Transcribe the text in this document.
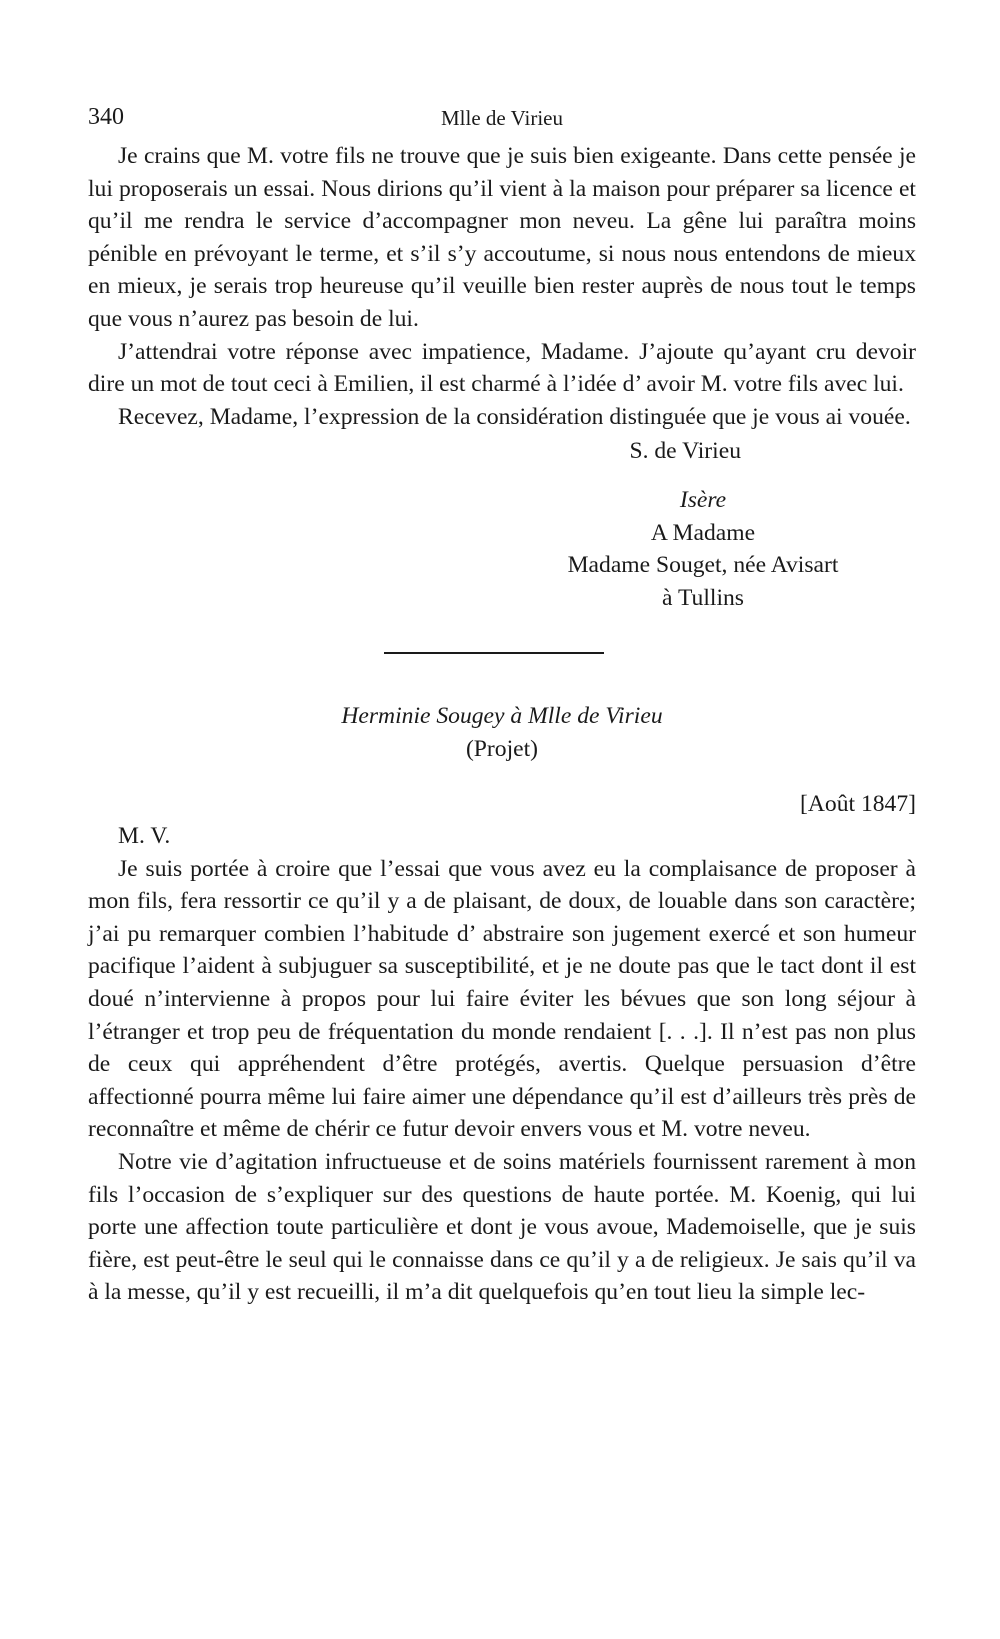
340	Mlle de Virieu

Je crains que M. votre fils ne trouve que je suis bien exigeante. Dans cette pensée je lui proposerais un essai. Nous dirions qu’il vient à la maison pour préparer sa licence et qu’il me rendra le service d’accompagner mon neveu. La gêne lui paraîtra moins pénible en prévoyant le terme, et s’il s’y accoutume, si nous nous entendons de mieux en mieux, je serais trop heureuse qu’il veuille bien rester auprès de nous tout le temps que vous n’aurez pas besoin de lui.

J’attendrai votre réponse avec impatience, Madame. J’ajoute qu’ayant cru devoir dire un mot de tout ceci à Emilien, il est charmé à l’idée d’ avoir M. votre fils avec lui.

Recevez, Madame, l’expression de la considération distinguée que je vous ai vouée.

S. de Virieu

Isère
A Madame
Madame Souget, née Avisart
à Tullins
Herminie Sougey à Mlle de Virieu
(Projet)
[Août 1847]
M. V.

Je suis portée à croire que l’essai que vous avez eu la complaisance de proposer à mon fils, fera ressortir ce qu’il y a de plaisant, de doux, de louable dans son caractère; j’ai pu remarquer combien l’habitude d’ abstraire son jugement exercé et son humeur pacifique l’aident à subjuguer sa susceptibilité, et je ne doute pas que le tact dont il est doué n’intervienne à propos pour lui faire éviter les bévues que son long séjour à l’étranger et trop peu de fréquentation du monde rendaient [. . .]. Il n’est pas non plus de ceux qui appréhendent d’être protégés, avertis. Quelque persuasion d’être affectionné pourra même lui faire aimer une dépendance qu’il est d’ailleurs très près de reconnaître et même de chérir ce futur devoir envers vous et M. votre neveu.

Notre vie d’agitation infructueuse et de soins matériels fournissent rarement à mon fils l’occasion de s’expliquer sur des questions de haute portée. M. Koenig, qui lui porte une affection toute particulière et dont je vous avoue, Mademoiselle, que je suis fière, est peut-être le seul qui le connaisse dans ce qu’il y a de religieux. Je sais qu’il va à la messe, qu’il y est recueilli, il m’a dit quelquefois qu’en tout lieu la simple lec-
